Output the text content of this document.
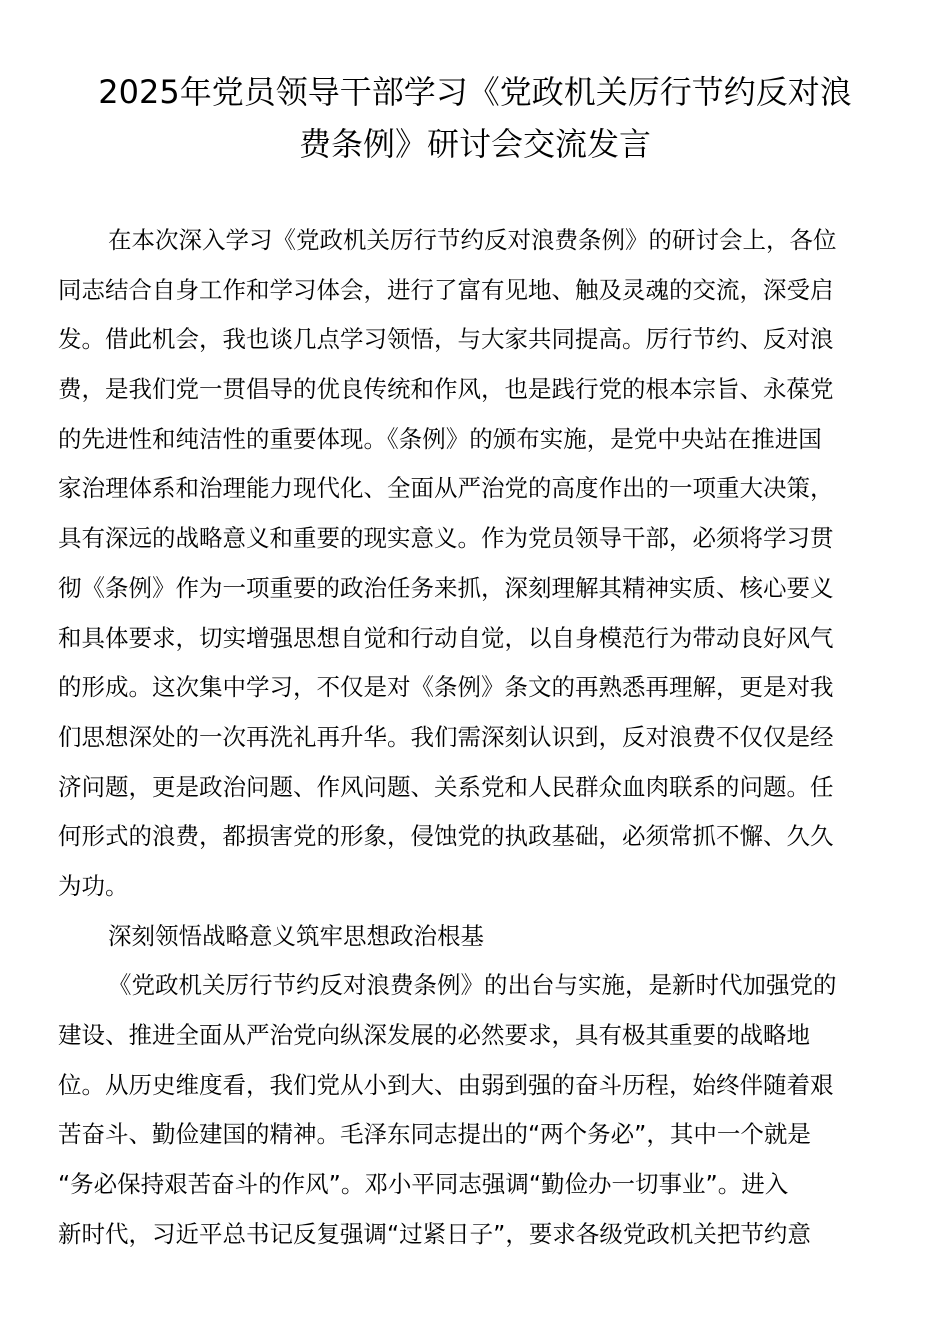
2025年党员领导干部学习《党政机关厉行节约反对浪
费条例》研讨会交流发言
在本次深入学习《党政机关厉行节约反对浪费条例》的研讨会上，各位
同志结合自身工作和学习体会，进行了富有见地、触及灵魂的交流，深受启
发。借此机会，我也谈几点学习领悟，与大家共同提高。厉行节约、反对浪
费，是我们党一贯倡导的优良传统和作风，也是践行党的根本宗旨、永葆党
的先进性和纯洁性的重要体现。《条例》的颁布实施，是党中央站在推进国
家治理体系和治理能力现代化、全面从严治党的高度作出的一项重大决策，
具有深远的战略意义和重要的现实意义。作为党员领导干部，必须将学习贯
彻《条例》作为一项重要的政治任务来抓，深刻理解其精神实质、核心要义
和具体要求，切实增强思想自觉和行动自觉，以自身模范行为带动良好风气
的形成。这次集中学习，不仅是对《条例》条文的再熟悉再理解，更是对我
们思想深处的一次再洗礼再升华。我们需深刻认识到，反对浪费不仅仅是经
济问题，更是政治问题、作风问题、关系党和人民群众血肉联系的问题。任
何形式的浪费，都损害党的形象，侵蚀党的执政基础，必须常抓不懈、久久
为功。
深刻领悟战略意义筑牢思想政治根基
《党政机关厉行节约反对浪费条例》的出台与实施，是新时代加强党的
建设、推进全面从严治党向纵深发展的必然要求，具有极其重要的战略地
位。从历史维度看，我们党从小到大、由弱到强的奋斗历程，始终伴随着艰
苦奋斗、勤俭建国的精神。毛泽东同志提出的“两个务必”，其中一个就是
“务必保持艰苦奋斗的作风”。邓小平同志强调“勤俭办一切事业”。进入
新时代，习近平总书记反复强调“过紧日子”，要求各级党政机关把节约意
